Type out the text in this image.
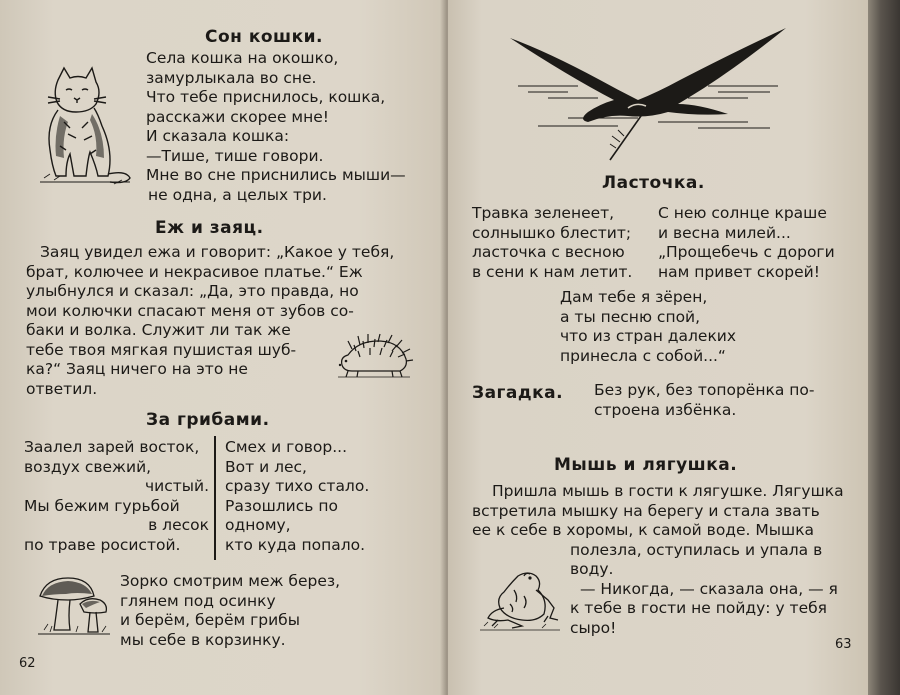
Сон кошки.
Села кошка на окошко,
замурлыкала во сне.
Что тебе приснилось, кошка,
расскажи скорее мне!
И сказала кошка:
—Тише, тише говори.
Мне во сне приснились мыши—
не одна, а целых три.
Еж и заяц.
Заяц увидел ежа и говорит: „Какое у тебя,
брат, колючее и некрасивое платье.“ Еж
улыбнулся и сказал: „Да, это правда, но
мои колючки спасают меня от зубов со-
баки и волка. Служит ли так же
тебе твоя мягкая пушистая шуб-
ка?“ Заяц ничего на это не
ответил.
За грибами.
Заалел зарей восток,
воздух свежий,
чистый.
Мы бежим гурьбой
в лесок
по траве росистой.
Смех и говор...
Вот и лес,
сразу тихо стало.
Разошлись по
одному,
кто куда попало.
Зорко смотрим меж берез,
глянем под осинку
и берём, берём грибы
мы себе в корзинку.
62
Ласточка.
Травка зеленеет,
солнышко блестит;
ласточка с весною
в сени к нам летит.
С нею солнце краше
и весна милей...
„Прощебечь с дороги
нам привет скорей!
Дам тебе я зёрен,
а ты песню спой,
что из стран далеких
принесла с собой...“
Загадка. Без рук, без топорёнка по-
строена избёнка.
Мышь и лягушка.
Пришла мышь в гости к лягушке. Лягушка
встретила мышку на берегу и стала звать
ее к себе в хоромы, к самой воде. Мышка
полезла, оступилась и упала в
воду.
— Никогда, — сказала она, — я
к тебе в гости не пойду: у тебя
сыро!
63
